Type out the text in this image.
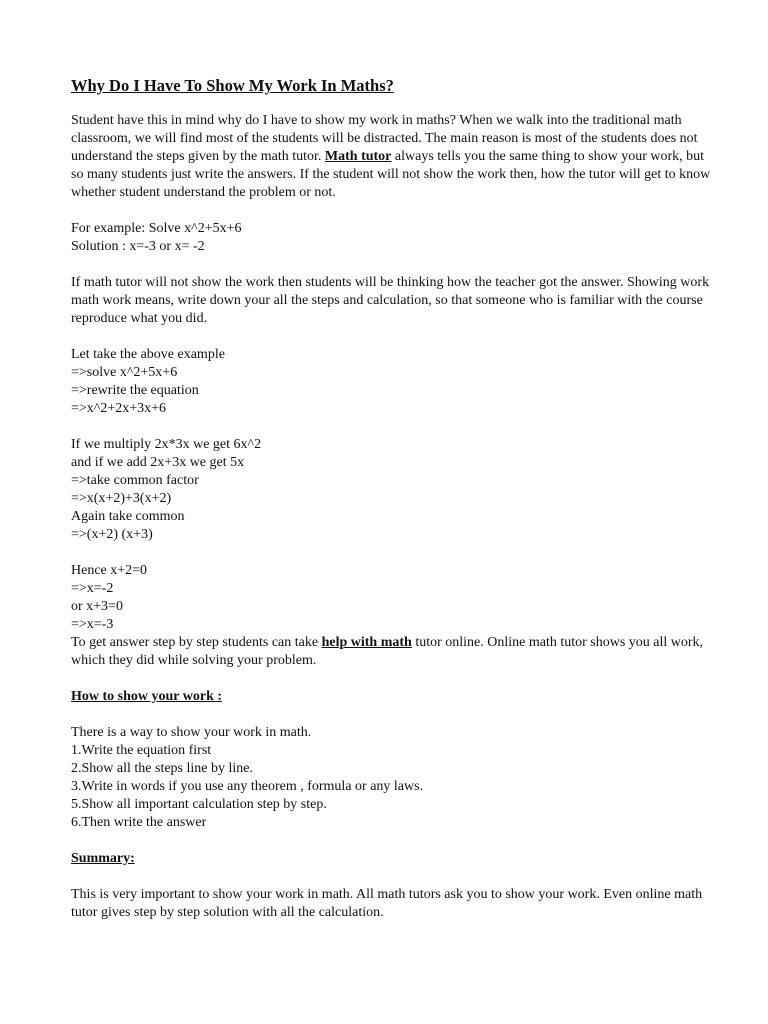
Why Do I Have To Show My Work In Maths?

Student have this in mind why do I have to show my work in maths? When we walk into the traditional math classroom, we will find most of the students will be distracted. The main reason is most of the students does not understand the steps given by the math tutor. Math tutor always tells you the same thing to show your work, but so many students just write the answers. If the student will not show the work then, how the tutor will get to know whether student understand the problem or not.

For example: Solve x^2+5x+6
Solution : x=-3 or x= -2

If math tutor will not show the work then students will be thinking how the teacher got the answer. Showing work math work means, write down your all the steps and calculation, so that someone who is familiar with the course reproduce what you did.

Let take the above example
=>solve x^2+5x+6
=>rewrite the equation
=>x^2+2x+3x+6

If we multiply 2x*3x we get 6x^2
and if we add 2x+3x we get 5x
=>take common factor
=>x(x+2)+3(x+2)
Again take common
=>(x+2) (x+3)

Hence x+2=0
=>x=-2
or x+3=0
=>x=-3

To get answer step by step students can take help with math tutor online. Online math tutor shows you all work, which they did while solving your problem.

How to show your work :

There is a way to show your work in math.
1.Write the equation first
2.Show all the steps line by line.
3.Write in words if you use any theorem , formula or any laws.
5.Show all important calculation step by step.
6.Then write the answer

Summary:

This is very important to show your work in math. All math tutors ask you to show your work. Even online math tutor gives step by step solution with all the calculation.
